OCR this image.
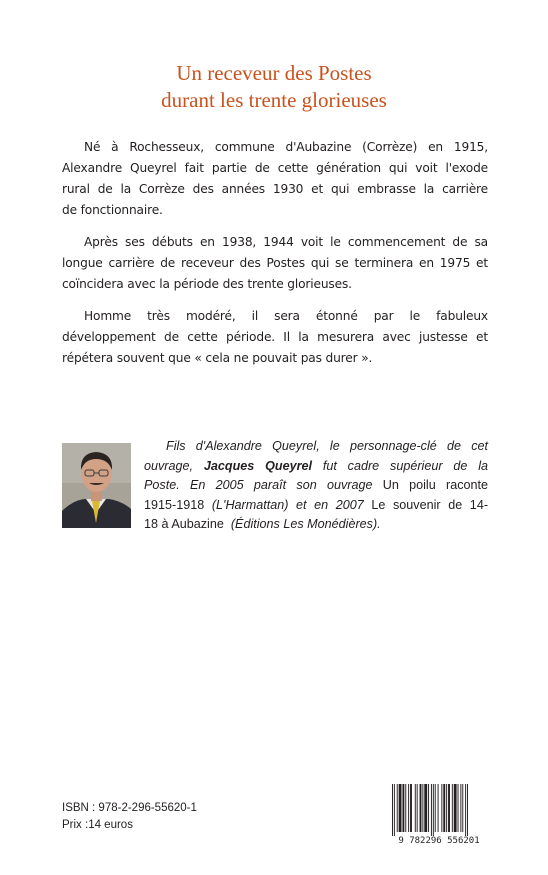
Un receveur des Postes
durant les trente glorieuses
Né à Rochesseux, commune d'Aubazine (Corrèze) en 1915,
Alexandre Queyrel fait partie de cette génération qui voit l'exode
rural de la Corrèze des années 1930 et qui embrasse la carrière
de fonctionnaire.
Après ses débuts en 1938, 1944 voit le commencement de sa
longue carrière de receveur des Postes qui se terminera en 1975 et
coïncidera avec la période des trente glorieuses.
Homme très modéré, il sera étonné par le fabuleux
développement de cette période. Il la mesurera avec justesse et
répétera souvent que « cela ne pouvait pas durer ».
Fils d'Alexandre Queyrel, le personnage-clé de cet
ouvrage, Jacques Queyrel fut cadre supérieur de la
Poste. En 2005 paraît son ouvrage Un poilu raconte
1915-1918 (L'Harmattan) et en 2007 Le souvenir de 14-
18 à Aubazine (Éditions Les Monédières).
ISBN : 978-2-296-55620-1
Prix :14 euros
9 782296 556201
